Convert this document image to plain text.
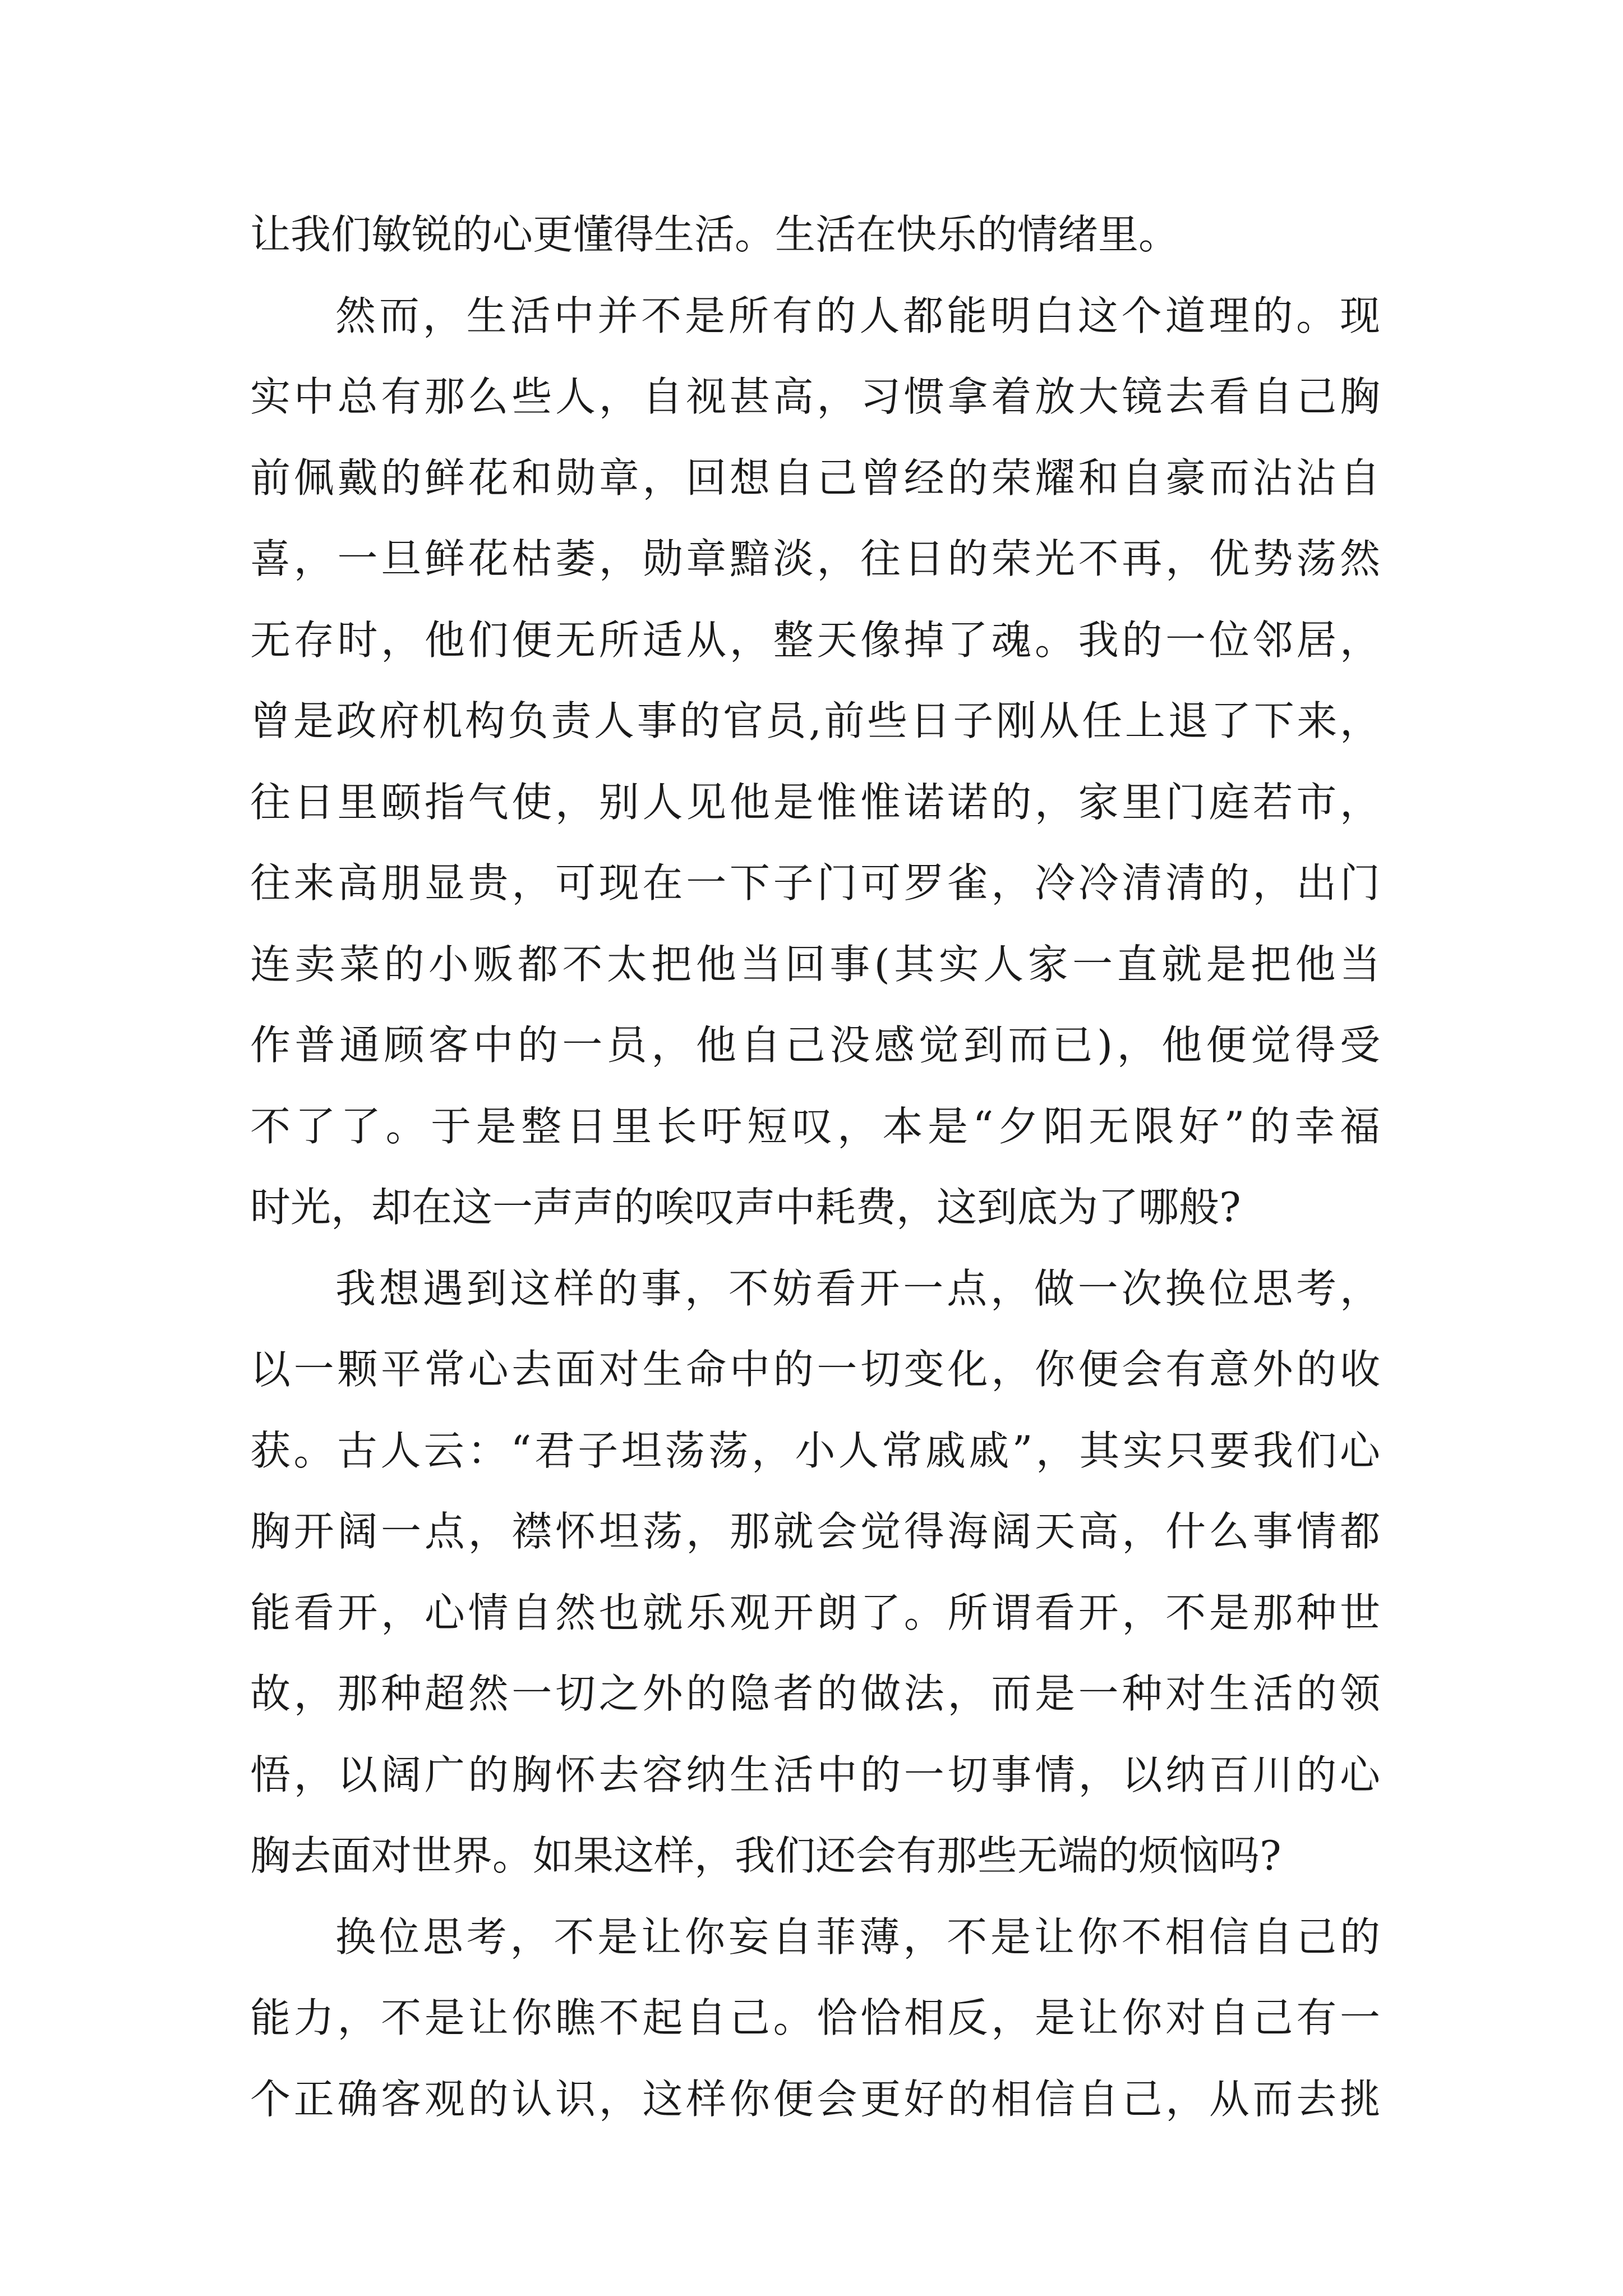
让我们敏锐的心更懂得生活。生活在快乐的情绪里。
然而，生活中并不是所有的人都能明白这个道理的。现
实中总有那么些人，自视甚高，习惯拿着放大镜去看自己胸
前佩戴的鲜花和勋章，回想自己曾经的荣耀和自豪而沾沾自
喜，一旦鲜花枯萎，勋章黯淡，往日的荣光不再，优势荡然
无存时，他们便无所适从，整天像掉了魂。我的一位邻居，
曾是政府机构负责人事的官员,前些日子刚从任上退了下来，
往日里颐指气使，别人见他是惟惟诺诺的，家里门庭若市，
往来高朋显贵，可现在一下子门可罗雀，冷冷清清的，出门
连卖菜的小贩都不太把他当回事(其实人家一直就是把他当
作普通顾客中的一员，他自己没感觉到而已)，他便觉得受
不了了。于是整日里长吁短叹，本是“夕阳无限好”的幸福
时光，却在这一声声的唉叹声中耗费，这到底为了哪般?
我想遇到这样的事，不妨看开一点，做一次换位思考，
以一颗平常心去面对生命中的一切变化，你便会有意外的收
获。古人云：“君子坦荡荡，小人常戚戚”，其实只要我们心
胸开阔一点，襟怀坦荡，那就会觉得海阔天高，什么事情都
能看开，心情自然也就乐观开朗了。所谓看开，不是那种世
故，那种超然一切之外的隐者的做法，而是一种对生活的领
悟，以阔广的胸怀去容纳生活中的一切事情，以纳百川的心
胸去面对世界。如果这样，我们还会有那些无端的烦恼吗?
换位思考，不是让你妄自菲薄，不是让你不相信自己的
能力，不是让你瞧不起自己。恰恰相反，是让你对自己有一
个正确客观的认识，这样你便会更好的相信自己，从而去挑
